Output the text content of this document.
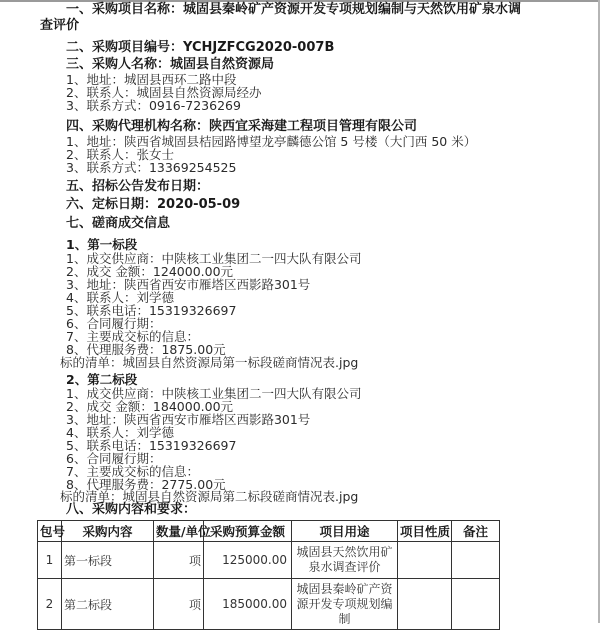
一、采购项目名称：城固县秦岭矿产资源开发专项规划编制与天然饮用矿泉水调
查评价
二、采购项目编号：YCHJZFCG2020-007B
三、采购人名称：城固县自然资源局
1、地址：城固县西环二路中段
2、联系人：城固县自然资源局经办
3、联系方式：0916-7236269
四、采购代理机构名称：陕西宜采海建工程项目管理有限公司
1、地址：陕西省城固县桔园路博望龙亭麟德公馆 5 号楼（大门西 50 米）
2、联系人：张女士
3、联系方式：13369254525
五、招标公告发布日期：
六、定标日期：2020-05-09
七、磋商成交信息
1、第一标段
1、成交供应商：中陕核工业集团二一四大队有限公司
2、成交 金额：124000.00元
3、地址：陕西省西安市雁塔区西影路301号
4、联系人：刘学德
5、联系电话：15319326697
6、合同履行期：
7、主要成交标的信息：
8、代理服务费：1875.00元
标的清单：城固县自然资源局第一标段磋商情况表.jpg
2、第二标段
1、成交供应商：中陕核工业集团二一四大队有限公司
2、成交 金额：184000.00元
3、地址：陕西省西安市雁塔区西影路301号
4、联系人：刘学德
5、联系电话：15319326697
6、合同履行期：
7、主要成交标的信息：
8、代理服务费：2775.00元
标的清单：城固县自然资源局第二标段磋商情况表.jpg
八、采购内容和要求：
包号	采购内容	数量/单位	采购预算金额	项目用途	项目性质	备注
1	第一标段	项	125000.00	城固县天然饮用矿泉水调查评价		
2	第二标段	项	185000.00	城固县秦岭矿产资源开发专项规划编制		
